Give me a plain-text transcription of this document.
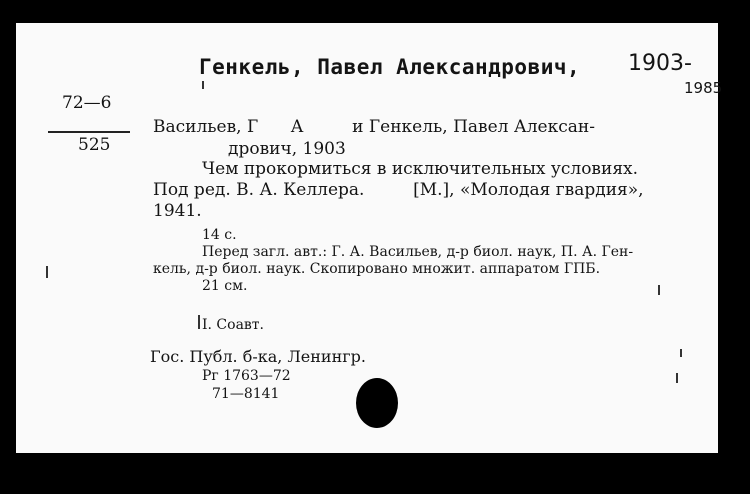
Генкель, Павел Александрович, 1903-
1985
72—6
525
Васильев, Г      А         и Генкель, Павел Алексан-
дрович, 1903
Чем прокормиться в исключительных условиях.
Под ред. В. А. Келлера.         [М.], «Молодая гвардия»,
1941.
14 с.
Перед загл. авт.: Г. А. Васильев, д-р биол. наук, П. А. Ген-
кель, д-р биол. наук. Скопировано множит. аппаратом ГПБ.
21 см.
I. Соавт.
Гос. Публ. б-ка, Ленингр.
Рг 1763—72
71—8141
